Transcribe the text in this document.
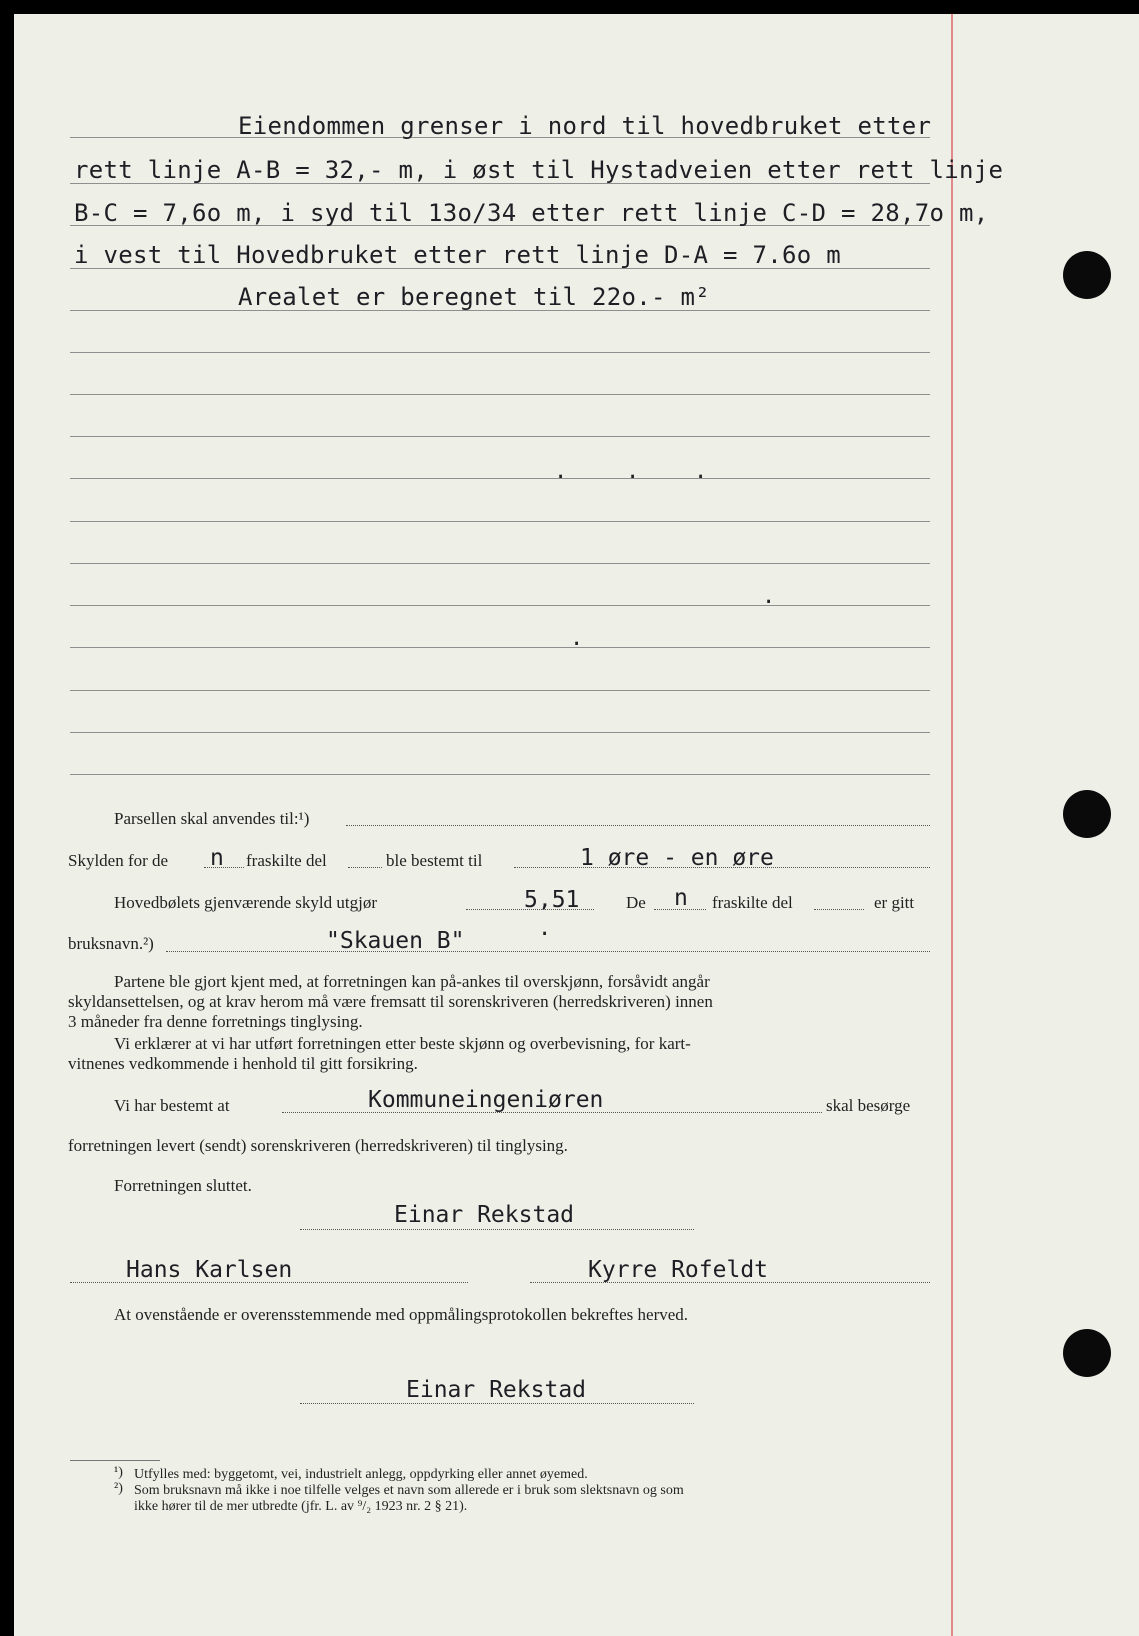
Eiendommen grenser i nord til hovedbruket etter
rett linje A-B = 32,- m, i øst til Hystadveien etter rett linje
B-C = 7,6o m, i syd til 13o/34 etter rett linje C-D = 28,7o m,
i vest til Hovedbruket etter rett linje D-A = 7.6o m
Arealet er beregnet til 22o.- m²
.	. .
.
.
.
Parsellen skal anvendes til:¹)
Skylden for de n fraskilte del	ble bestemt til	1 øre - en øre
Hovedbølets gjenværende skyld utgjør	5,51	De n fraskilte del	er gitt
bruksnavn.²)	"Skauen B"
Partene ble gjort kjent med, at forretningen kan på-ankes til overskjønn, forsåvidt angår
skyldansettelsen, og at krav herom må være fremsatt til sorenskriveren (herredskriveren) innen
3 måneder fra denne forretnings tinglysing.
Vi erklærer at vi har utført forretningen etter beste skjønn og overbevisning, for kart-
vitnenes vedkommende i henhold til gitt forsikring.
Vi har bestemt at	Kommuneingeniøren	skal besørge
forretningen levert (sendt) sorenskriveren (herredskriveren) til tinglysing.
Forretningen sluttet.
Einar Rekstad
Hans Karlsen	Kyrre Rofeldt
At ovenstående er overensstemmende med oppmålingsprotokollen bekreftes herved.
Einar Rekstad
¹) Utfylles med: byggetomt, vei, industrielt anlegg, oppdyrking eller annet øyemed.
²) Som bruksnavn må ikke i noe tilfelle velges et navn som allerede er i bruk som slektsnavn og som
ikke hører til de mer utbredte (jfr. L. av ⁹/₂ 1923 nr. 2 § 21).
